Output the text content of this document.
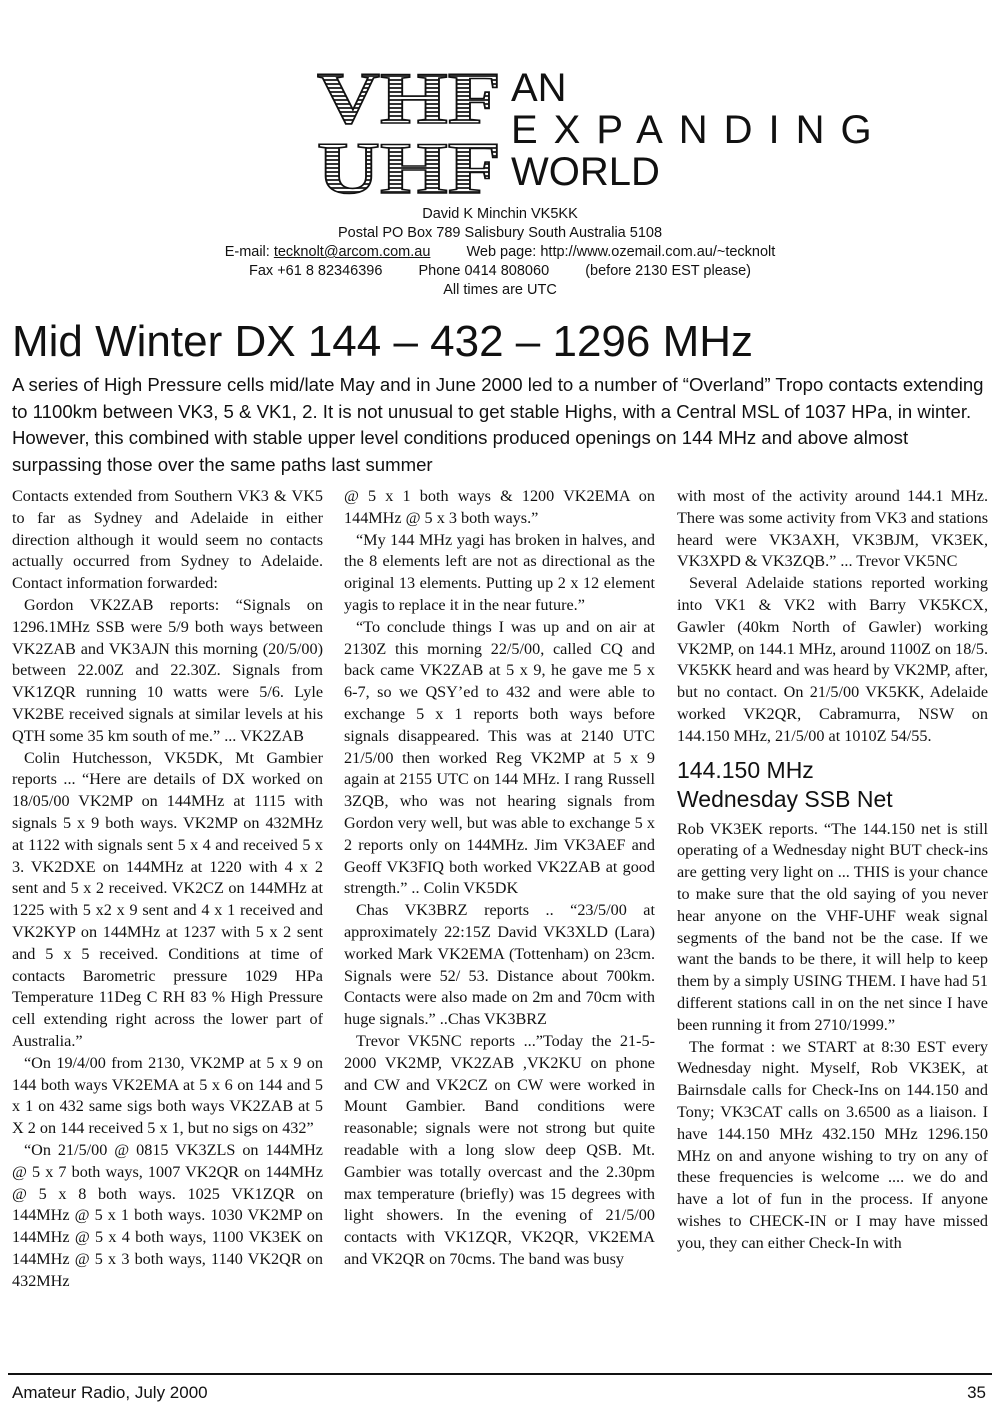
VHF
UHF
AN
EXPANDING
WORLD
David K Minchin VK5KK
Postal PO Box 789 Salisbury South Australia 5108
E-mail: tecknolt@arcom.com.au Web page: http://www.ozemail.com.au/~tecknolt
Fax +61 8 82346396 Phone 0414 808060 (before 2130 EST please)
All times are UTC
Mid Winter DX 144 – 432 – 1296 MHz

A series of High Pressure cells mid/late May and in June 2000 led to a number of “Overland” Tropo contacts extending to 1100km between VK3, 5 & VK1, 2. It is not unusual to get stable Highs, with a Central MSL of 1037 HPa, in winter. However, this combined with stable upper level conditions produced openings on 144 MHz and above almost surpassing those over the same paths last summer

Contacts extended from Southern VK3 & VK5 to far as Sydney and Adelaide in either direction although it would seem no contacts actually occurred from Sydney to Adelaide. Contact information forwarded:

Gordon VK2ZAB reports: “Signals on 1296.1MHz SSB were 5/9 both ways between VK2ZAB and VK3AJN this morning (20/5/00) between 22.00Z and 22.30Z. Signals from VK1ZQR running 10 watts were 5/6. Lyle VK2BE received signals at similar levels at his QTH some 35 km south of me.” ... VK2ZAB

Colin Hutchesson, VK5DK, Mt Gambier reports ... “Here are details of DX worked on 18/05/00 VK2MP on 144MHz at 1115 with signals 5 x 9 both ways. VK2MP on 432MHz at 1122 with signals sent 5 x 4 and received 5 x 3. VK2DXE on 144MHz at 1220 with 4 x 2 sent and 5 x 2 received. VK2CZ on 144MHz at 1225 with 5 x2 x 9 sent and 4 x 1 received and VK2KYP on 144MHz at 1237 with 5 x 2 sent and 5 x 5 received. Conditions at time of contacts Barometric pressure 1029 HPa Temperature 11Deg C RH 83 % High Pressure cell extending right across the lower part of Australia.”

“On 19/4/00 from 2130, VK2MP at 5 x 9 on 144 both ways VK2EMA at 5 x 6 on 144 and 5 x 1 on 432 same sigs both ways VK2ZAB at 5 X 2 on 144 received 5 x 1, but no sigs on 432”

“On 21/5/00 @ 0815 VK3ZLS on 144MHz @ 5 x 7 both ways, 1007 VK2QR on 144MHz @ 5 x 8 both ways. 1025 VK1ZQR on 144MHz @ 5 x 1 both ways. 1030 VK2MP on 144MHz @ 5 x 4 both ways, 1100 VK3EK on 144MHz @ 5 x 3 both ways, 1140 VK2QR on 432MHz

@ 5 x 1 both ways & 1200 VK2EMA on 144MHz @ 5 x 3 both ways.”

“My 144 MHz yagi has broken in halves, and the 8 elements left are not as directional as the original 13 elements. Putting up 2 x 12 element yagis to replace it in the near future.”

“To conclude things I was up and on air at 2130Z this morning 22/5/00, called CQ and back came VK2ZAB at 5 x 9, he gave me 5 x 6-7, so we QSY’ed to 432 and were able to exchange 5 x 1 reports both ways before signals disappeared. This was at 2140 UTC 21/5/00 then worked Reg VK2MP at 5 x 9 again at 2155 UTC on 144 MHz. I rang Russell 3ZQB, who was not hearing signals from Gordon very well, but was able to exchange 5 x 2 reports only on 144MHz. Jim VK3AEF and Geoff VK3FIQ both worked VK2ZAB at good strength.” .. Colin VK5DK

Chas VK3BRZ reports .. “23/5/00 at approximately 22:15Z David VK3XLD (Lara) worked Mark VK2EMA (Tottenham) on 23cm. Signals were 52/ 53. Distance about 700km. Contacts were also made on 2m and 70cm with huge signals.” ..Chas VK3BRZ

Trevor VK5NC reports ...”Today the 21-5-2000 VK2MP, VK2ZAB ,VK2KU on phone and CW and VK2CZ on CW were worked in Mount Gambier. Band conditions were reasonable; signals were not strong but quite readable with a long slow deep QSB. Mt. Gambier was totally overcast and the 2.30pm max temperature (briefly) was 15 degrees with light showers. In the evening of 21/5/00 contacts with VK1ZQR, VK2QR, VK2EMA and VK2QR on 70cms. The band was busy

with most of the activity around 144.1 MHz. There was some activity from VK3 and stations heard were VK3AXH, VK3BJM, VK3EK, VK3XPD & VK3ZQB.” ... Trevor VK5NC

Several Adelaide stations reported working into VK1 & VK2 with Barry VK5KCX, Gawler (40km North of Gawler) working VK2MP, on 144.1 MHz, around 1100Z on 18/5. VK5KK heard and was heard by VK2MP, after, but no contact. On 21/5/00 VK5KK, Adelaide worked VK2QR, Cabramurra, NSW on 144.150 MHz, 21/5/00 at 1010Z 54/55.

144.150 MHz
Wednesday SSB Net

Rob VK3EK reports. “The 144.150 net is still operating of a Wednesday night BUT check-ins are getting very light on ... THIS is your chance to make sure that the old saying of you never hear anyone on the VHF-UHF weak signal segments of the band not be the case. If we want the bands to be there, it will help to keep them by a simply USING THEM. I have had 51 different stations call in on the net since I have been running it from 2710/1999.”

The format : we START at 8:30 EST every Wednesday night. Myself, Rob VK3EK, at Bairnsdale calls for Check-Ins on 144.150 and Tony; VK3CAT calls on 3.6500 as a liaison. I have 144.150 MHz 432.150 MHz 1296.150 MHz on and anyone wishing to try on any of these frequencies is welcome .... we do and have a lot of fun in the process. If anyone wishes to CHECK-IN or I may have missed you, they can either Check-In with

Amateur Radio, July 2000	35
